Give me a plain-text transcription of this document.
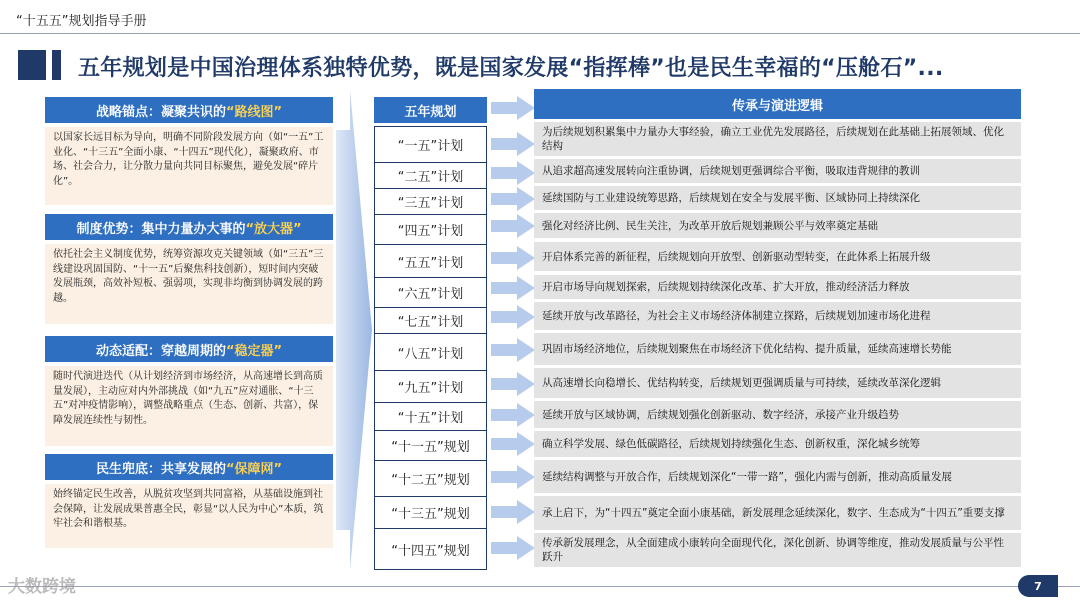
“十五五”规划指导手册
五年规划是中国治理体系独特优势，既是国家发展“指挥棒”也是民生幸福的“压舱石”...
战略锚点：凝聚共识的 “路线图”
以国家长远目标为导向，明确不同阶段发展方向（如“一五”工业化、“十三五”全面小康、“十四五”现代化），凝聚政府、市场、社会合力，让分散力量向共同目标聚焦，避免发展“碎片化”。
制度优势：集中力量办大事的 “放大器”
依托社会主义制度优势，统筹资源攻克关键领域（如“三五”三线建设巩固国防、“十一五”后聚焦科技创新），短时间内突破发展瓶颈，高效补短板、强弱项，实现非均衡到协调发展的跨越。
动态适配：穿越周期的 “稳定器”
随时代演进迭代（从计划经济到市场经济，从高速增长到高质量发展），主动应对内外部挑战（如“九五”应对通胀、“十三五”对冲疫情影响），调整战略重点（生态、创新、共富），保障发展连续性与韧性。
民生兜底：共享发展的 “保障网”
始终锚定民生改善，从脱贫攻坚到共同富裕，从基础设施到社会保障，让发展成果普惠全民，彰显“以人民为中心”本质，筑牢社会和谐根基。
五年规划
“一五”计划
“二五”计划
“三五”计划
“四五”计划
“五五”计划
“六五”计划
“七五”计划
“八五”计划
“九五”计划
“十五”计划
“十一五”规划
“十二五”规划
“十三五”规划
“十四五”规划
传承与演进逻辑
为后续规划积累集中力量办大事经验，确立工业优先发展路径，后续规划在此基础上拓展领域、优化结构
从追求超高速发展转向注重协调，后续规划更强调综合平衡，吸取违背规律的教训
延续国防与工业建设统筹思路，后续规划在安全与发展平衡、区域协同上持续深化
强化对经济比例、民生关注，为改革开放后规划兼顾公平与效率奠定基础
开启体系完善的新征程，后续规划向开放型、创新驱动型转变，在此体系上拓展升级
开启市场导向规划探索，后续规划持续深化改革、扩大开放，推动经济活力释放
延续开放与改革路径，为社会主义市场经济体制建立探路，后续规划加速市场化进程
巩固市场经济地位，后续规划聚焦在市场经济下优化结构、提升质量，延续高速增长势能
从高速增长向稳增长、优结构转变，后续规划更强调质量与可持续，延续改革深化逻辑
延续开放与区域协调，后续规划强化创新驱动、数字经济，承接产业升级趋势
确立科学发展、绿色低碳路径，后续规划持续强化生态、创新权重，深化城乡统筹
延续结构调整与开放合作，后续规划深化“一带一路”，强化内需与创新，推动高质量发展
承上启下，为“十四五”奠定全面小康基础，新发展理念延续深化，数字、生态成为“十四五”重要支撑
传承新发展理念，从全面建成小康转向全面现代化，深化创新、协调等维度，推动发展质量与公平性跃升
大数跨境	7
